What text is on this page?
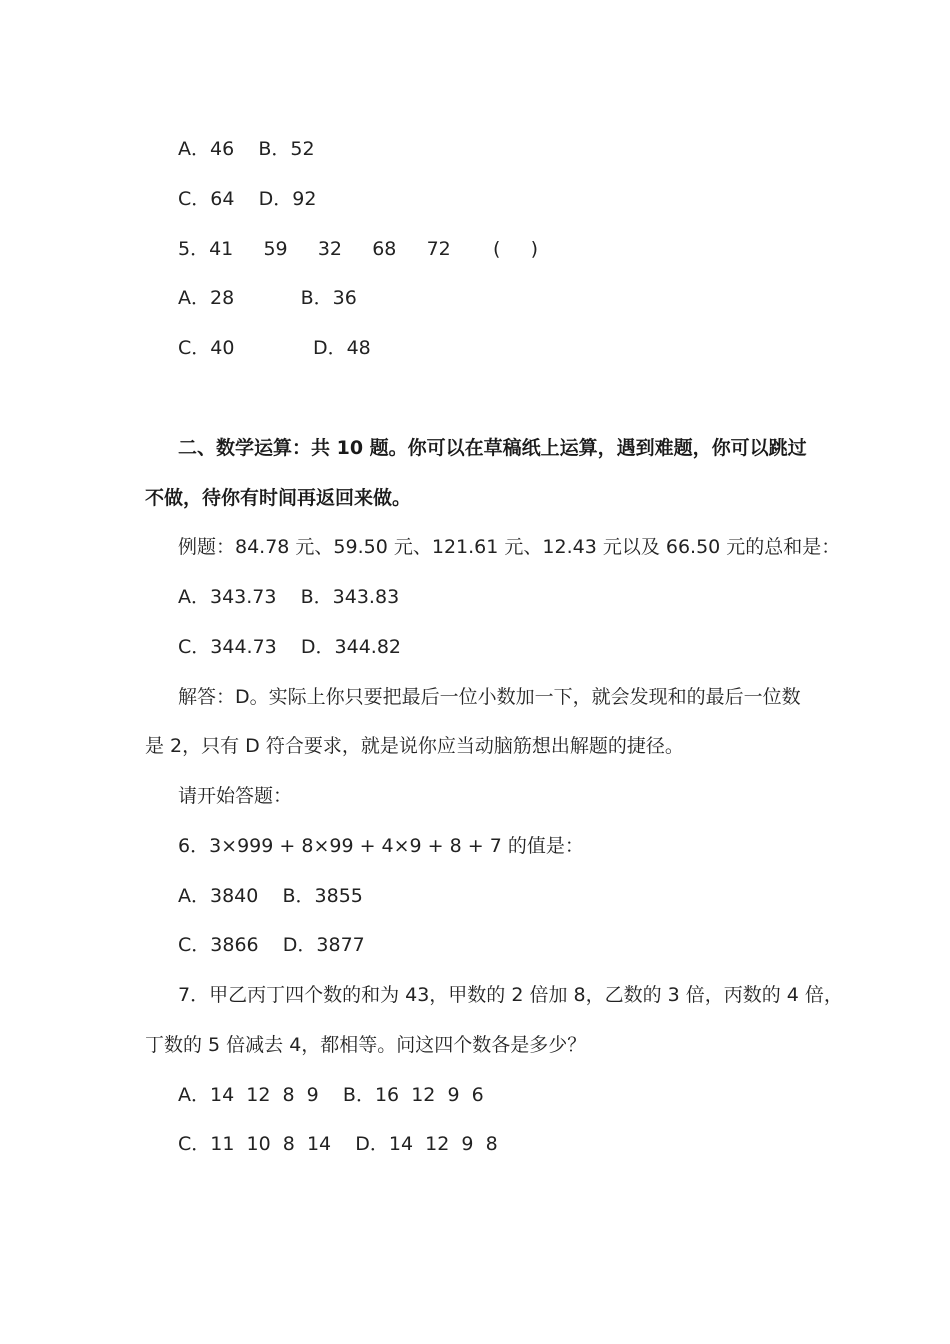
A．46    B．52
C．64    D．92
5．41     59     32     68     72       (     )
A．28           B．36
C．40             D．48
二、数学运算：共 10 题。你可以在草稿纸上运算，遇到难题，你可以跳过
不做，待你有时间再返回来做。
例题：84.78 元、59.50 元、121.61 元、12.43 元以及 66.50 元的总和是：
A．343.73    B．343.83
C．344.73    D．344.82
解答：D。实际上你只要把最后一位小数加一下，就会发现和的最后一位数
是 2，只有 D 符合要求，就是说你应当动脑筋想出解题的捷径。
请开始答题：
6．3×999 + 8×99 + 4×9 + 8 + 7 的值是：
A．3840    B．3855
C．3866    D．3877
7．甲乙丙丁四个数的和为 43，甲数的 2 倍加 8，乙数的 3 倍，丙数的 4 倍，
丁数的 5 倍减去 4，都相等。问这四个数各是多少？
A．14  12  8  9    B．16  12  9  6
C．11  10  8  14    D．14  12  9  8
